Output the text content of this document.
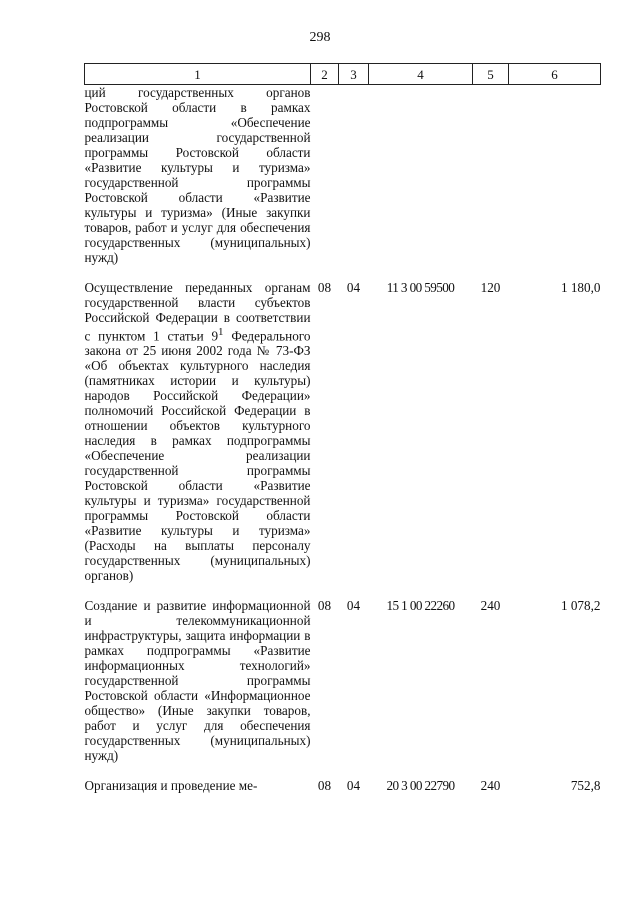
298
1	2	3	4	5	6
ций государственных органов Ростовской области в рамках подпрограммы «Обеспечение реализации государственной программы Ростовской области «Развитие культуры и туризма» государственной программы Ростовской области «Развитие культуры и туризма» (Иные закупки товаров, работ и услуг для обеспечения государственных (муниципальных) нужд)					
Осуществление переданных органам государственной власти субъектов Российской Федерации в соответствии с пунктом 1 статьи $9^1$ Федерального закона от 25 июня 2002 года № 73-ФЗ «Об объектах культурного наследия (памятниках истории и культуры) народов Российской Федерации» полномочий Российской Федерации в отношении объектов культурного наследия в рамках подпрограммы «Обеспечение реализации государственной программы Ростовской области «Развитие культуры и туризма» государственной программы Ростовской области «Развитие культуры и туризма» (Расходы на выплаты персоналу государственных (муниципальных) органов)	08	04	11 3 00 59500	120	1 180,0
Создание и развитие информационной и телекоммуникационной инфраструктуры, защита информации в рамках подпрограммы «Развитие информационных технологий» государственной программы Ростовской области «Информационное общество» (Иные закупки товаров, работ и услуг для обеспечения государственных (муниципальных) нужд)	08	04	15 1 00 22260	240	1 078,2
Организация и проведение ме-	08	04	20 3 00 22790	240	752,8
